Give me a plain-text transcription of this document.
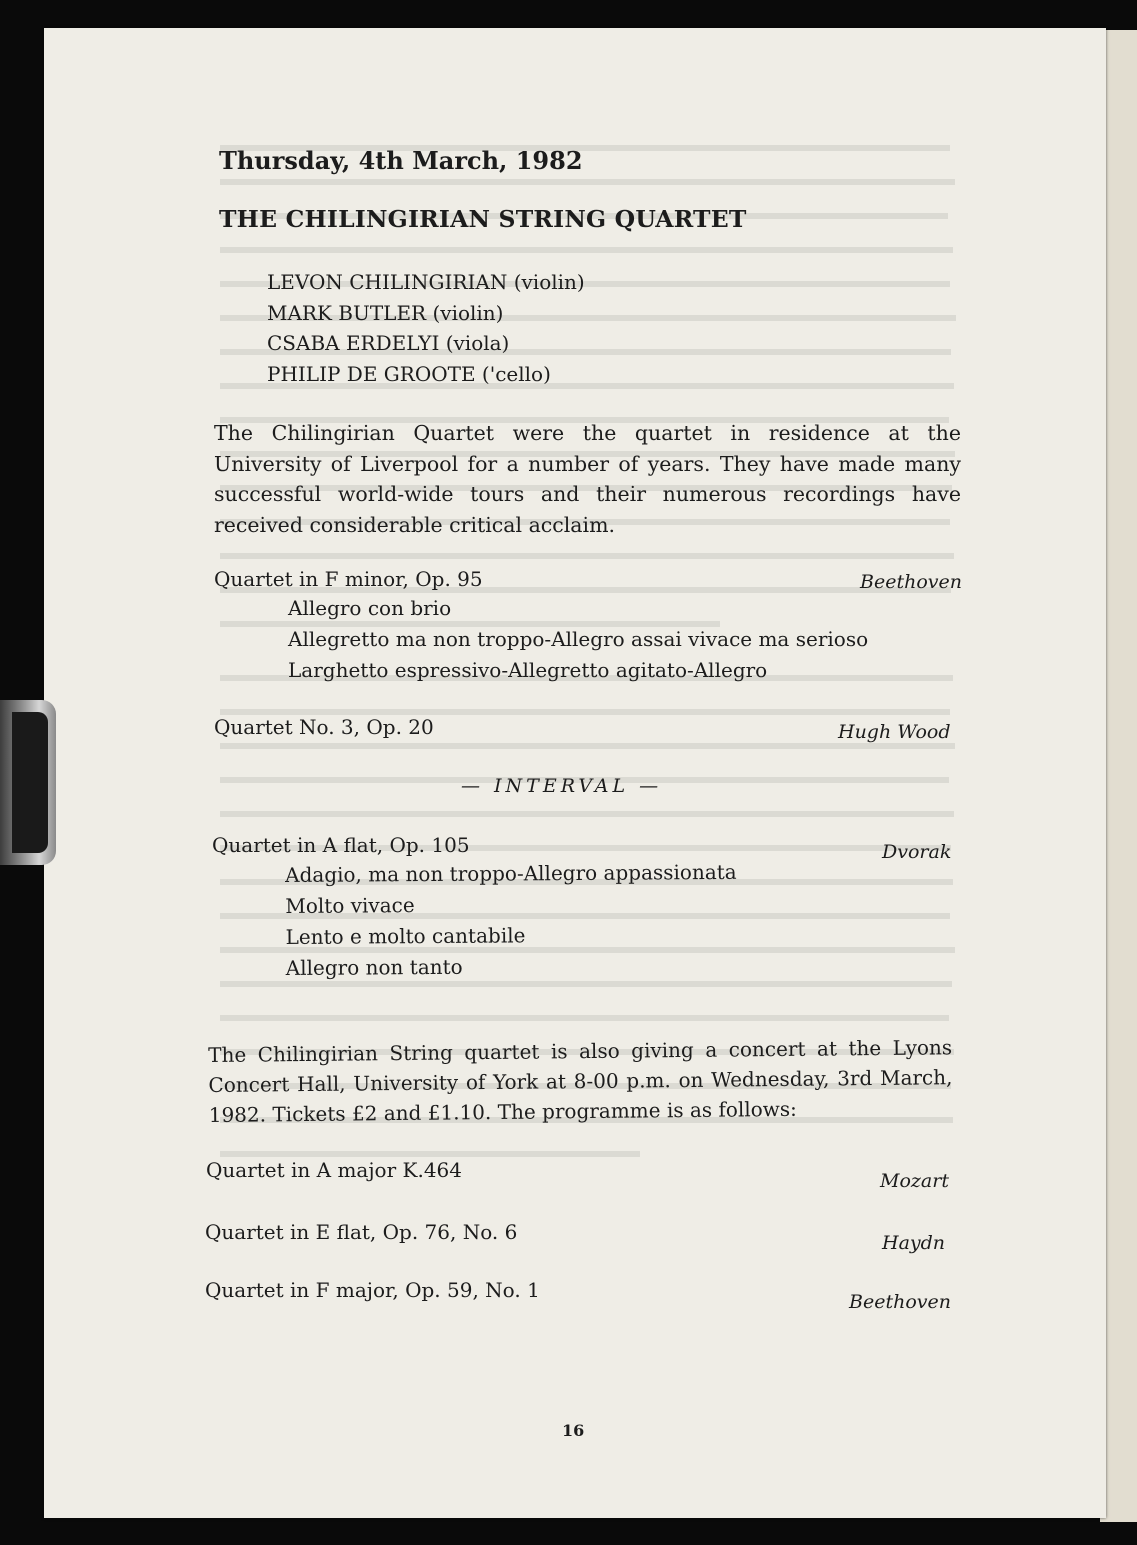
Thursday, 4th March, 1982
THE CHILINGIRIAN STRING QUARTET
LEVON CHILINGIRIAN (violin)
MARK BUTLER (violin)
CSABA ERDELYI (viola)
PHILIP DE GROOTE ('cello)
The Chilingirian Quartet were the quartet in residence at the University of Liverpool for a number of years. They have made many successful world-wide tours and their numerous recordings have received considerable critical acclaim.
Quartet in F minor, Op. 95	Beethoven
Allegro con brio
Allegretto ma non troppo-Allegro assai vivace ma serioso
Larghetto espressivo-Allegretto agitato-Allegro
Quartet No. 3, Op. 20	Hugh Wood
— INTERVAL —
Quartet in A flat, Op. 105	Dvorak
Adagio, ma non troppo-Allegro appassionata
Molto vivace
Lento e molto cantabile
Allegro non tanto
The Chilingirian String quartet is also giving a concert at the Lyons Concert Hall, University of York at 8-00 p.m. on Wednesday, 3rd March, 1982. Tickets £2 and £1.10. The programme is as follows:
Quartet in A major K.464	Mozart
Quartet in E flat, Op. 76, No. 6	Haydn
Quartet in F major, Op. 59, No. 1	Beethoven
16
